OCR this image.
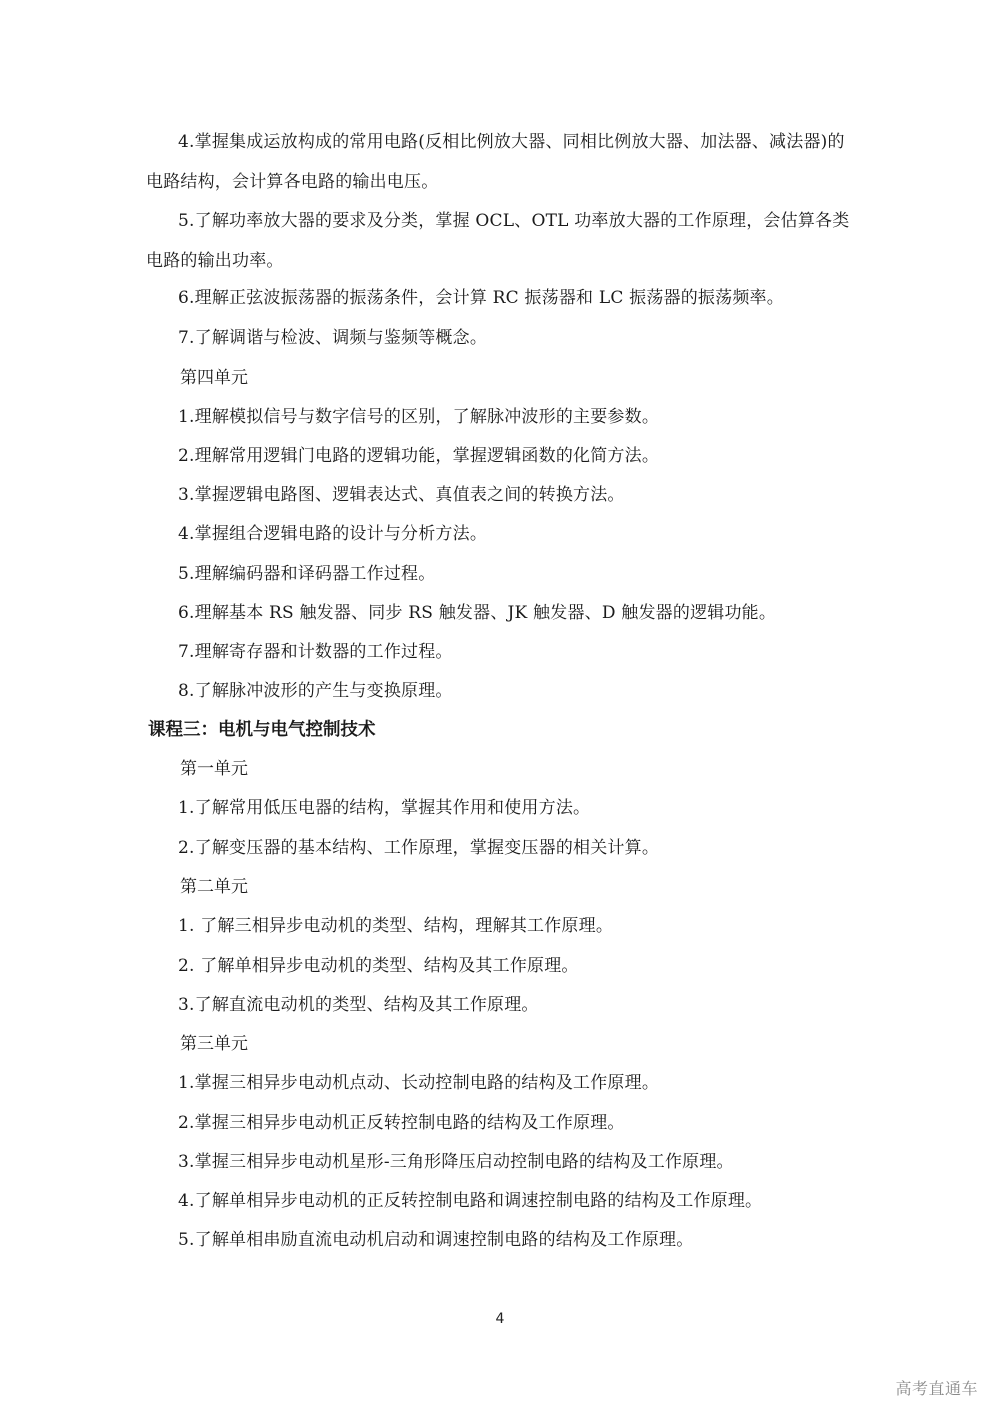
4.掌握集成运放构成的常用电路(反相比例放大器、同相比例放大器、加法器、减法器)的电路结构，会计算各电路的输出电压。
5.了解功率放大器的要求及分类，掌握 OCL、OTL 功率放大器的工作原理，会估算各类电路的输出功率。
6.理解正弦波振荡器的振荡条件，会计算 RC 振荡器和 LC 振荡器的振荡频率。
7.了解调谐与检波、调频与鉴频等概念。
第四单元
1.理解模拟信号与数字信号的区别，了解脉冲波形的主要参数。
2.理解常用逻辑门电路的逻辑功能，掌握逻辑函数的化简方法。
3.掌握逻辑电路图、逻辑表达式、真值表之间的转换方法。
4.掌握组合逻辑电路的设计与分析方法。
5.理解编码器和译码器工作过程。
6.理解基本 RS 触发器、同步 RS 触发器、JK 触发器、D 触发器的逻辑功能。
7.理解寄存器和计数器的工作过程。
8.了解脉冲波形的产生与变换原理。
课程三：电机与电气控制技术
第一单元
1.了解常用低压电器的结构，掌握其作用和使用方法。
2.了解变压器的基本结构、工作原理，掌握变压器的相关计算。
第二单元
1. 了解三相异步电动机的类型、结构，理解其工作原理。
2. 了解单相异步电动机的类型、结构及其工作原理。
3.了解直流电动机的类型、结构及其工作原理。
第三单元
1.掌握三相异步电动机点动、长动控制电路的结构及工作原理。
2.掌握三相异步电动机正反转控制电路的结构及工作原理。
3.掌握三相异步电动机星形-三角形降压启动控制电路的结构及工作原理。
4.了解单相异步电动机的正反转控制电路和调速控制电路的结构及工作原理。
5.了解单相串励直流电动机启动和调速控制电路的结构及工作原理。
4
高考直通车
